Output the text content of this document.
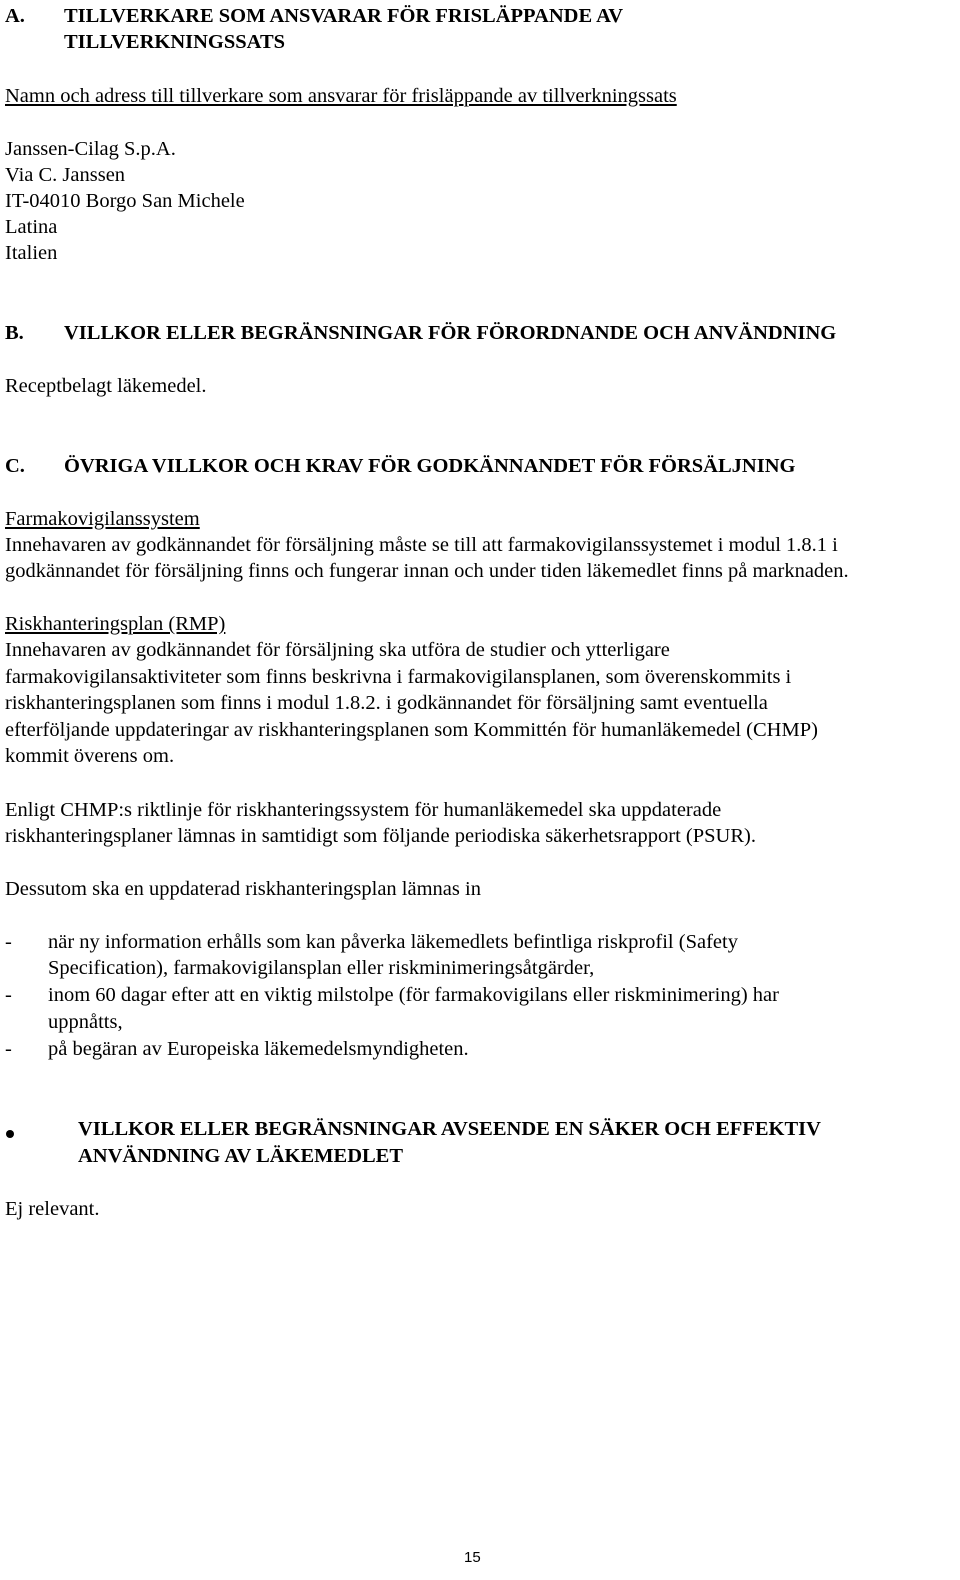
A. TILLVERKARE SOM ANSVARAR FÖR FRISLÄPPANDE AV
TILLVERKNINGSSATS
Namn och adress till tillverkare som ansvarar för frisläppande av tillverkningssats
Janssen-Cilag S.p.A.
Via C. Janssen
IT-04010 Borgo San Michele
Latina
Italien
B. VILLKOR ELLER BEGRÄNSNINGAR FÖR FÖRORDNANDE OCH ANVÄNDNING
Receptbelagt läkemedel.
C. ÖVRIGA VILLKOR OCH KRAV FÖR GODKÄNNANDET FÖR FÖRSÄLJNING
Farmakovigilanssystem
Innehavaren av godkännandet för försäljning måste se till att farmakovigilanssystemet i modul 1.8.1 i
godkännandet för försäljning finns och fungerar innan och under tiden läkemedlet finns på marknaden.
Riskhanteringsplan (RMP)
Innehavaren av godkännandet för försäljning ska utföra de studier och ytterligare
farmakovigilansaktiviteter som finns beskrivna i farmakovigilansplanen, som överenskommits i
riskhanteringsplanen som finns i modul 1.8.2. i godkännandet för försäljning samt eventuella
efterföljande uppdateringar av riskhanteringsplanen som Kommittén för humanläkemedel (CHMP)
kommit överens om.
Enligt CHMP:s riktlinje för riskhanteringssystem för humanläkemedel ska uppdaterade
riskhanteringsplaner lämnas in samtidigt som följande periodiska säkerhetsrapport (PSUR).
Dessutom ska en uppdaterad riskhanteringsplan lämnas in
- när ny information erhålls som kan påverka läkemedlets befintliga riskprofil (Safety
Specification), farmakovigilansplan eller riskminimeringsåtgärder,
- inom 60 dagar efter att en viktig milstolpe (för farmakovigilans eller riskminimering) har
uppnåtts,
- på begäran av Europeiska läkemedelsmyndigheten.
VILLKOR ELLER BEGRÄNSNINGAR AVSEENDE EN SÄKER OCH EFFEKTIV
ANVÄNDNING AV LÄKEMEDLET
Ej relevant.
15
